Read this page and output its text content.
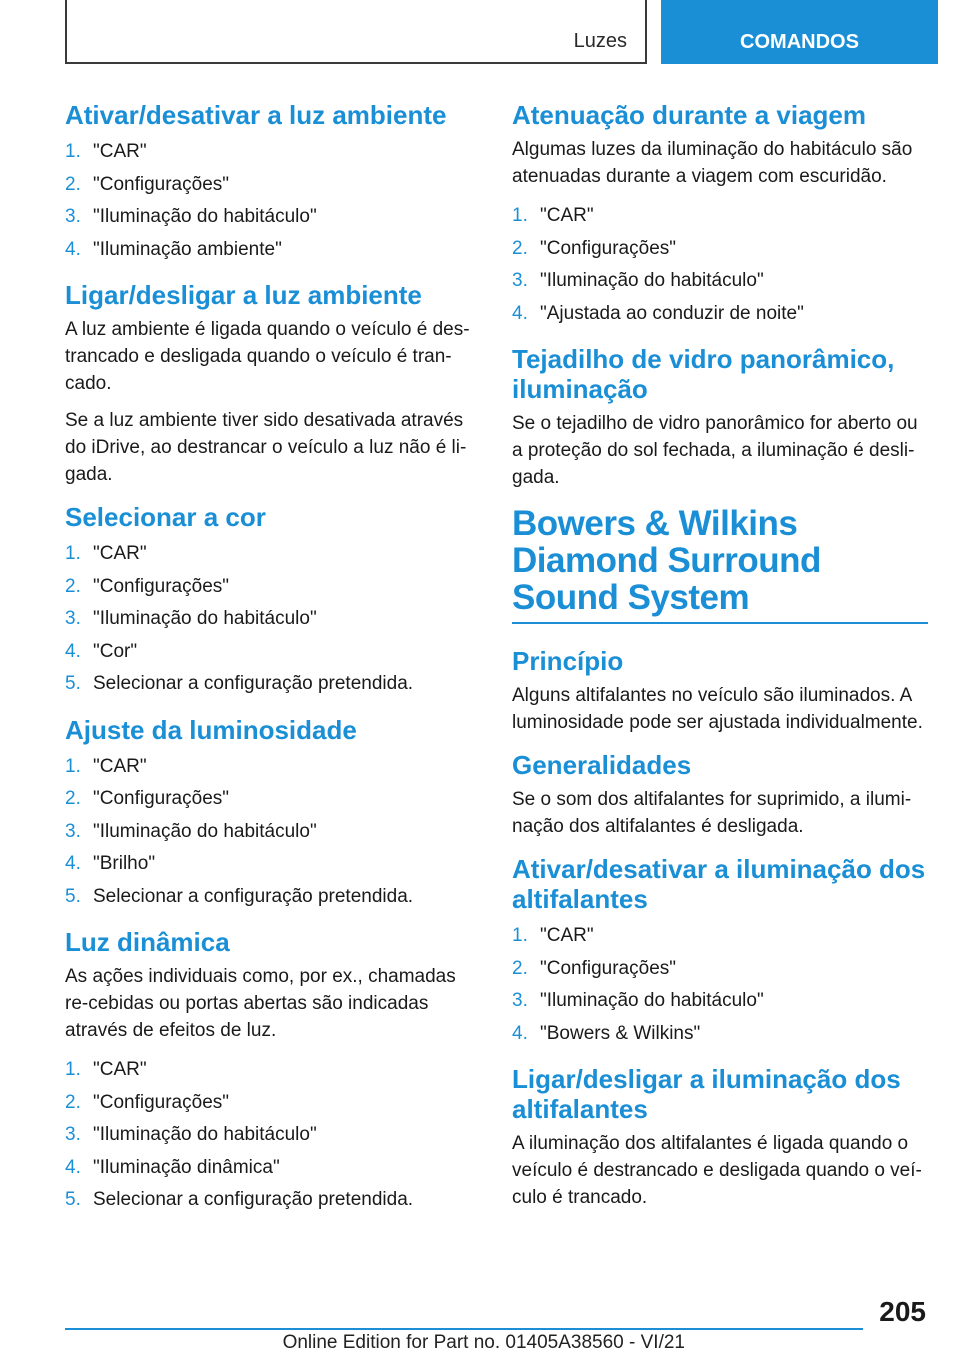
Luzes	COMANDOS
Ativar/desativar a luz ambiente
1. "CAR"
2. "Configurações"
3. "Iluminação do habitáculo"
4. "Iluminação ambiente"
Ligar/desligar a luz ambiente

A luz ambiente é ligada quando o veículo é des-trancado e desligada quando o veículo é tran-cado.

Se a luz ambiente tiver sido desativada através do iDrive, ao destrancar o veículo a luz não é li-gada.

Selecionar a cor
1. "CAR"
2. "Configurações"
3. "Iluminação do habitáculo"
4. "Cor"
5. Selecionar a configuração pretendida.
Ajuste da luminosidade
1. "CAR"
2. "Configurações"
3. "Iluminação do habitáculo"
4. "Brilho"
5. Selecionar a configuração pretendida.
Luz dinâmica

As ações individuais como, por ex., chamadas re-cebidas ou portas abertas são indicadas através de efeitos de luz.

1. "CAR"
2. "Configurações"
3. "Iluminação do habitáculo"
4. "Iluminação dinâmica"
5. Selecionar a configuração pretendida.
Atenuação durante a viagem

Algumas luzes da iluminação do habitáculo são atenuadas durante a viagem com escuridão.

1. "CAR"
2. "Configurações"
3. "Iluminação do habitáculo"
4. "Ajustada ao conduzir de noite"
Tejadilho de vidro panorâmico, iluminação

Se o tejadilho de vidro panorâmico for aberto ou a proteção do sol fechada, a iluminação é desli-gada.

Bowers & Wilkins Diamond Surround Sound System
Princípio

Alguns altifalantes no veículo são iluminados. A luminosidade pode ser ajustada individualmente.

Generalidades

Se o som dos altifalantes for suprimido, a ilumi-nação dos altifalantes é desligada.

Ativar/desativar a iluminação dos altifalantes
1. "CAR"
2. "Configurações"
3. "Iluminação do habitáculo"
4. "Bowers & Wilkins"
Ligar/desligar a iluminação dos altifalantes

A iluminação dos altifalantes é ligada quando o veículo é destrancado e desligada quando o veí-culo é trancado.

205
Online Edition for Part no. 01405A38560 - VI/21
